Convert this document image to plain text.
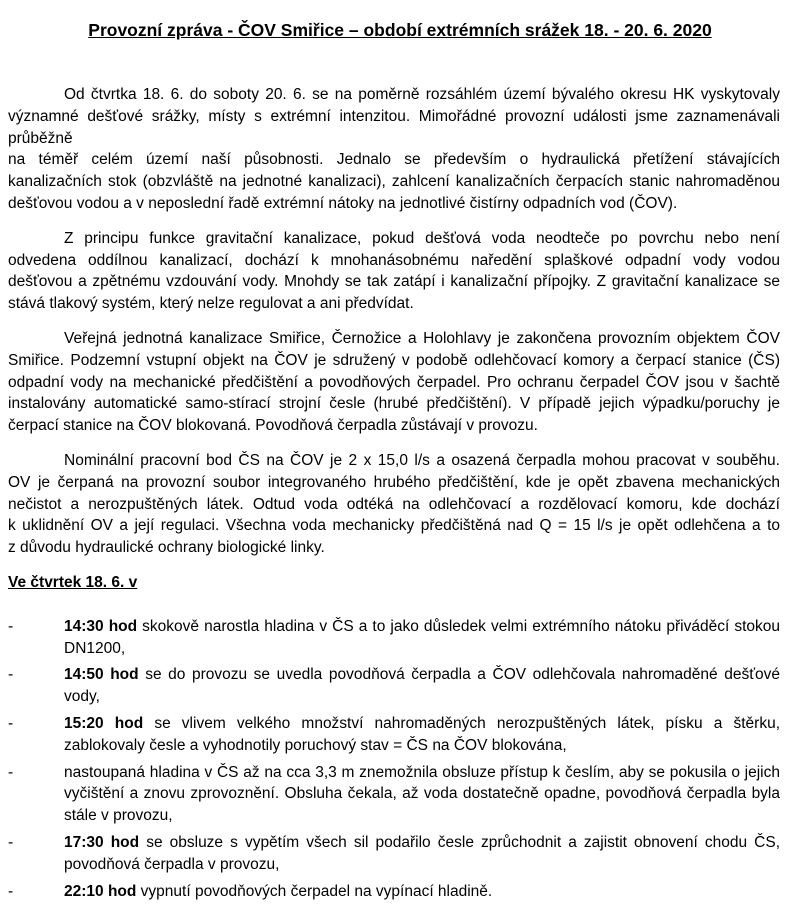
Provozní zpráva - ČOV Smiřice – období extrémních srážek 18. - 20. 6. 2020
Od čtvrtka 18. 6. do soboty 20. 6. se na poměrně rozsáhlém území bývalého okresu HK vyskytovaly
významné dešťové srážky, místy s extrémní intenzitou. Mimořádné provozní události jsme zaznamenávali
průběžně
na téměř celém území naší působnosti. Jednalo se především o hydraulická přetížení stávajících
kanalizačních stok (obzvláště na jednotné kanalizaci), zahlcení kanalizačních čerpacích stanic nahromaděnou
dešťovou vodou a v neposlední řadě extrémní nátoky na jednotlivé čistírny odpadních vod (ČOV).
Z principu funkce gravitační kanalizace, pokud dešťová voda neodteče po povrchu nebo není
odvedena oddílnou kanalizací, dochází k mnohanásobnému naředění splaškové odpadní vody vodou
dešťovou a zpětnému vzdouvání vody. Mnohdy se tak zatápí i kanalizační přípojky. Z gravitační kanalizace se
stává tlakový systém, který nelze regulovat a ani předvídat.
Veřejná jednotná kanalizace Smiřice, Černožice a Holohlavy je zakončena provozním objektem ČOV
Smiřice. Podzemní vstupní objekt na ČOV je sdružený v podobě odlehčovací komory a čerpací stanice (ČS)
odpadní vody na mechanické předčištění a povodňových čerpadel. Pro ochranu čerpadel ČOV jsou v šachtě
instalovány automatické samo-stírací strojní česle (hrubé předčištění). V případě jejich výpadku/poruchy je
čerpací stanice na ČOV blokovaná. Povodňová čerpadla zůstávají v provozu.
Nominální pracovní bod ČS na ČOV je 2 x 15,0 l/s a osazená čerpadla mohou pracovat v souběhu.
OV je čerpaná na provozní soubor integrovaného hrubého předčištění, kde je opět zbavena mechanických
nečistot a nerozpuštěných látek. Odtud voda odtéká na odlehčovací a rozdělovací komoru, kde dochází
k uklidnění OV a její regulaci. Všechna voda mechanicky předčištěná nad Q = 15 l/s je opět odlehčena a to
z důvodu hydraulické ochrany biologické linky.
Ve čtvrtek 18. 6. v
-	14:30 hod skokově narostla hladina v ČS a to jako důsledek velmi extrémního nátoku přiváděcí stokou DN1200,
-	14:50 hod se do provozu se uvedla povodňová čerpadla a ČOV odlehčovala nahromaděné dešťové vody,
-	15:20 hod se vlivem velkého množství nahromaděných nerozpuštěných látek, písku a štěrku, zablokovaly česle a vyhodnotily poruchový stav = ČS na ČOV blokována,
-	nastoupaná hladina v ČS až na cca 3,3 m znemožnila obsluze přístup k česlím, aby se pokusila o jejich vyčištění a znovu zprovoznění. Obsluha čekala, až voda dostatečně opadne, povodňová čerpadla byla stále v provozu,
-	17:30 hod se obsluze s vypětím všech sil podařilo česle zprůchodnit a zajistit obnovení chodu ČS, povodňová čerpadla v provozu,
-	22:10 hod vypnutí povodňových čerpadel na vypínací hladině.
